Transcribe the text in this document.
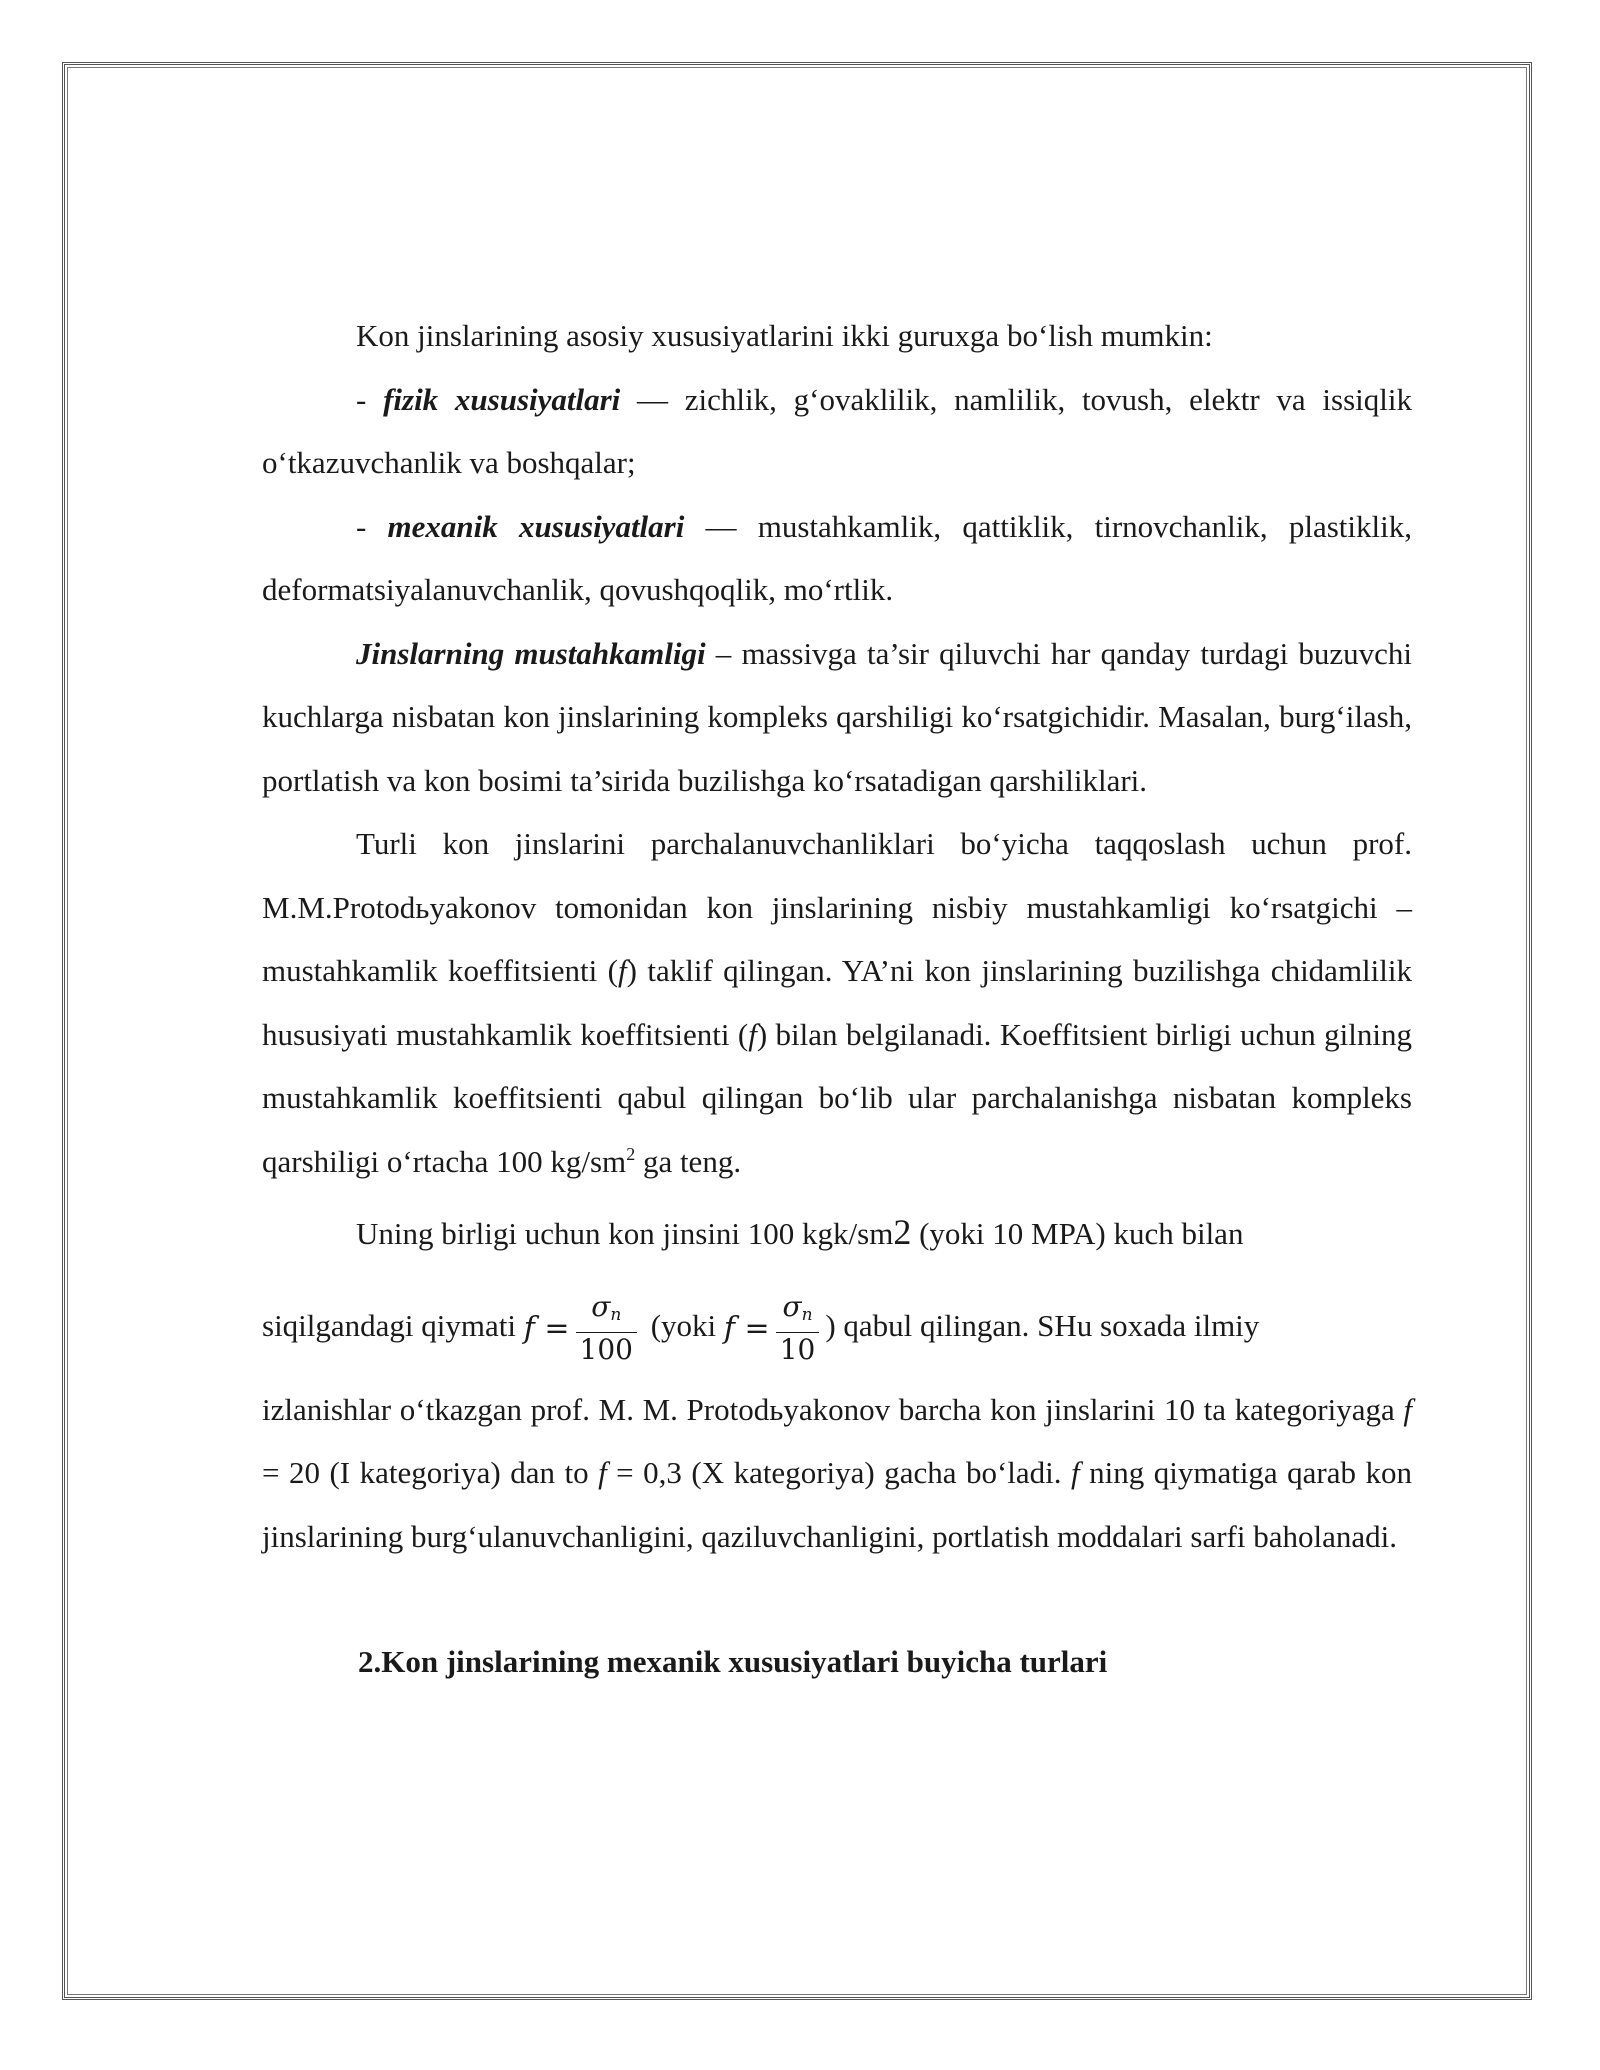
Kon jinslarining asosiy xususiyatlarini ikki guruxga bo‘lish mumkin:

- fizik xususiyatlari — zichlik, g‘ovaklilik, namlilik, tovush, elektr va issiqlik o‘tkazuvchanlik va boshqalar;

- mexanik xususiyatlari — mustahkamlik, qattiklik, tirnovchanlik, plastiklik, deformatsiyalanuvchanlik, qovushqoqlik, mo‘rtlik.

Jinslarning mustahkamligi – massivga ta’sir qiluvchi har qanday turdagi buzuvchi kuchlarga nisbatan kon jinslarining kompleks qarshiligi ko‘rsatgichidir. Masalan, burg‘ilash, portlatish va kon bosimi ta’sirida buzilishga ko‘rsatadigan qarshiliklari.

Turli kon jinslarini parchalanuvchanliklari bo‘yicha taqqoslash uchun prof. M.M.Protodьyakonov tomonidan kon jinslarining nisbiy mustahkamligi ko‘rsatgichi – mustahkamlik koeffitsienti (f) taklif qilingan. YA’ni kon jinslarining buzilishga chidamlilik hususiyati mustahkamlik koeffitsienti (f) bilan belgilanadi. Koeffitsient birligi uchun gilning mustahkamlik koeffitsienti qabul qilingan bo‘lib ular parchalanishga nisbatan kompleks qarshiligi o‘rtacha 100 $kg/sm^2$ ga teng.

Uning birligi uchun kon jinsini 100 kgk/sm2 (yoki 10 MPA) kuch bilan

siqilgandagi qiymati $f = \frac{\sigma_n}{100}$ (yoki $f = \frac{\sigma_n}{10}$ ) qabul qilingan. SHu soxada ilmiy

izlanishlar o‘tkazgan prof. M. M. Protodьyakonov barcha kon jinslarini 10 ta kategoriyaga f = 20 (I kategoriya) dan to f = 0,3 (X kategoriya) gacha bo‘ladi. f ning qiymatiga qarab kon jinslarining burg‘ulanuvchanligini, qaziluvchanligini, portlatish moddalari sarfi baholanadi.

2.Kon jinslarining mexanik xususiyatlari buyicha turlari
